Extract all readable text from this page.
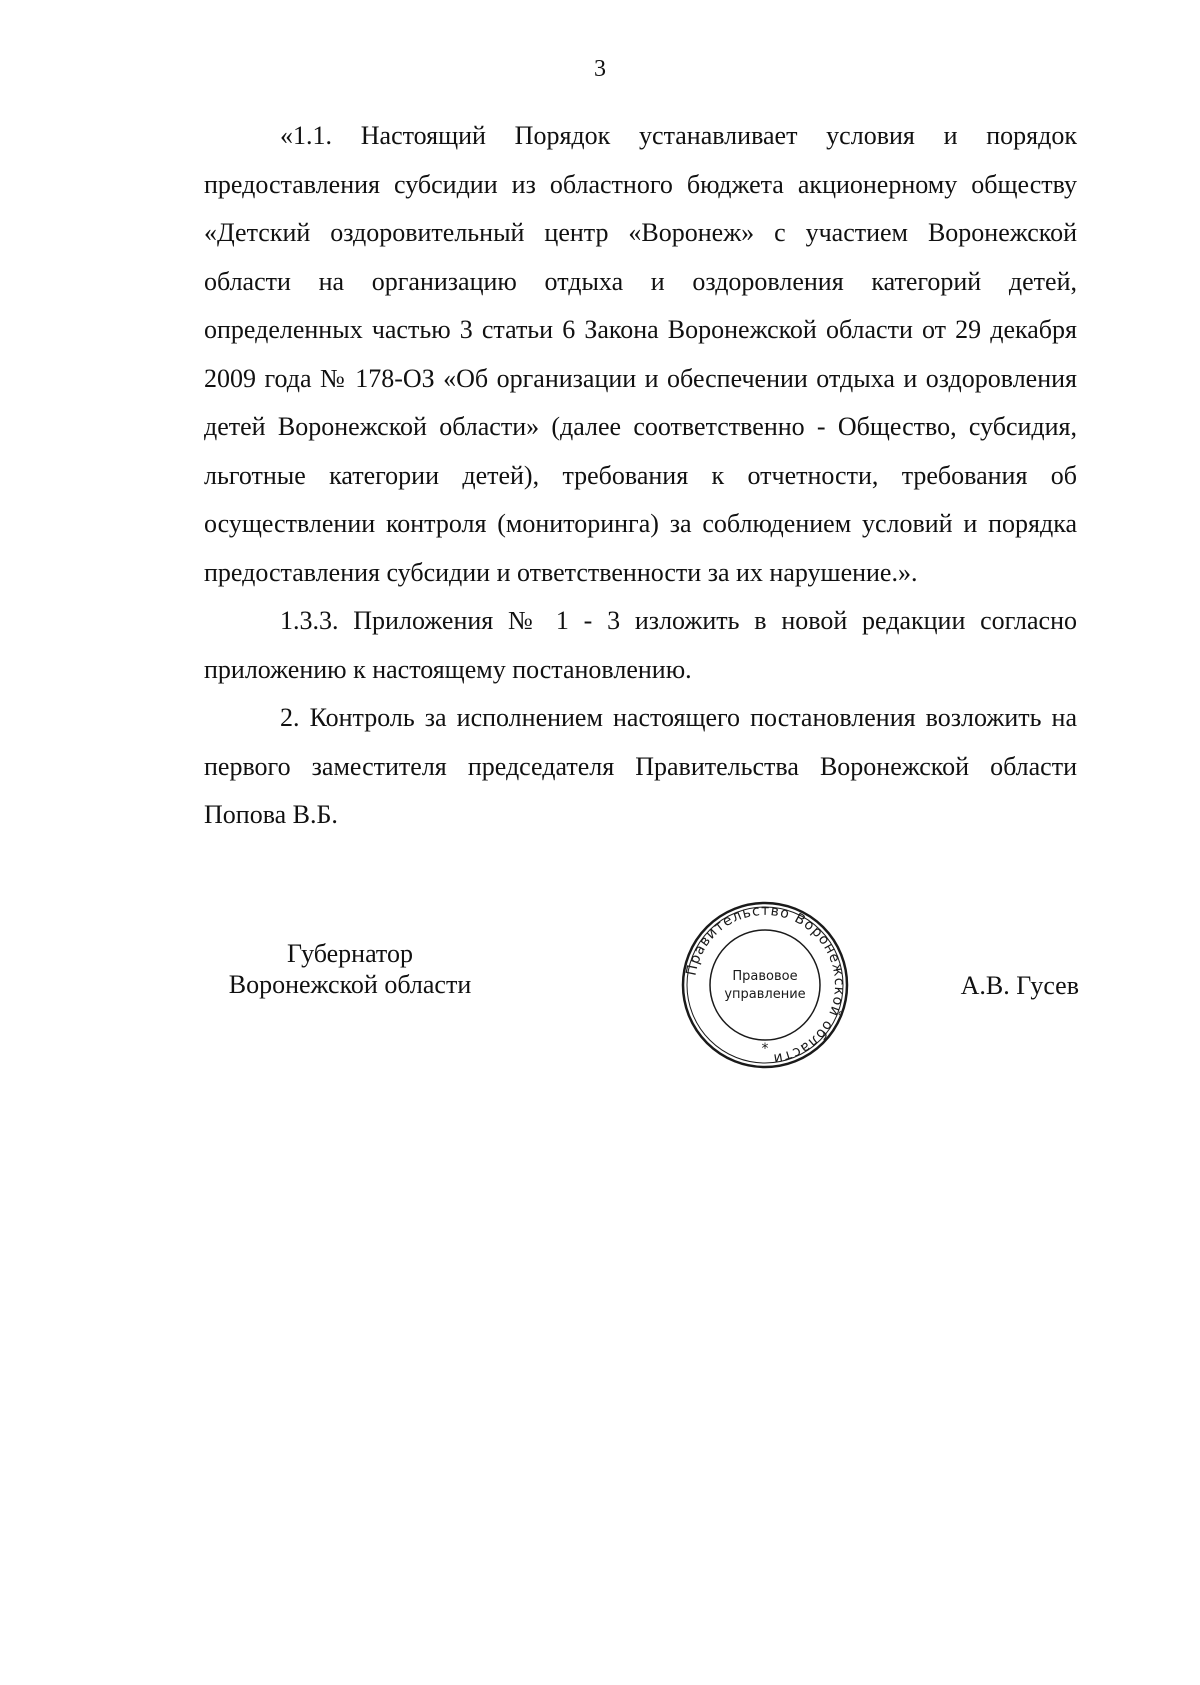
3

«1.1. Настоящий Порядок устанавливает условия и порядок предоставления субсидии из областного бюджета акционерному обществу «Детский оздоровительный центр «Воронеж» с участием Воронежской области на организацию отдыха и оздоровления категорий детей, определенных частью 3 статьи 6 Закона Воронежской области от 29 декабря 2009 года № 178-ОЗ «Об организации и обеспечении отдыха и оздоровления детей Воронежской области» (далее соответственно - Общество, субсидия, льготные категории детей), требования к отчетности, требования об осуществлении контроля (мониторинга) за соблюдением условий и порядка предоставления субсидии и ответственности за их нарушение.».

1.3.3. Приложения № 1 - 3 изложить в новой редакции согласно приложению к настоящему постановлению.

2. Контроль за исполнением настоящего постановления возложить на первого заместителя председателя Правительства Воронежской области Попова В.Б.

Губернатор
Воронежской области
Правительство Воронежской области
Правовое
управление
*
А.В. Гусев
